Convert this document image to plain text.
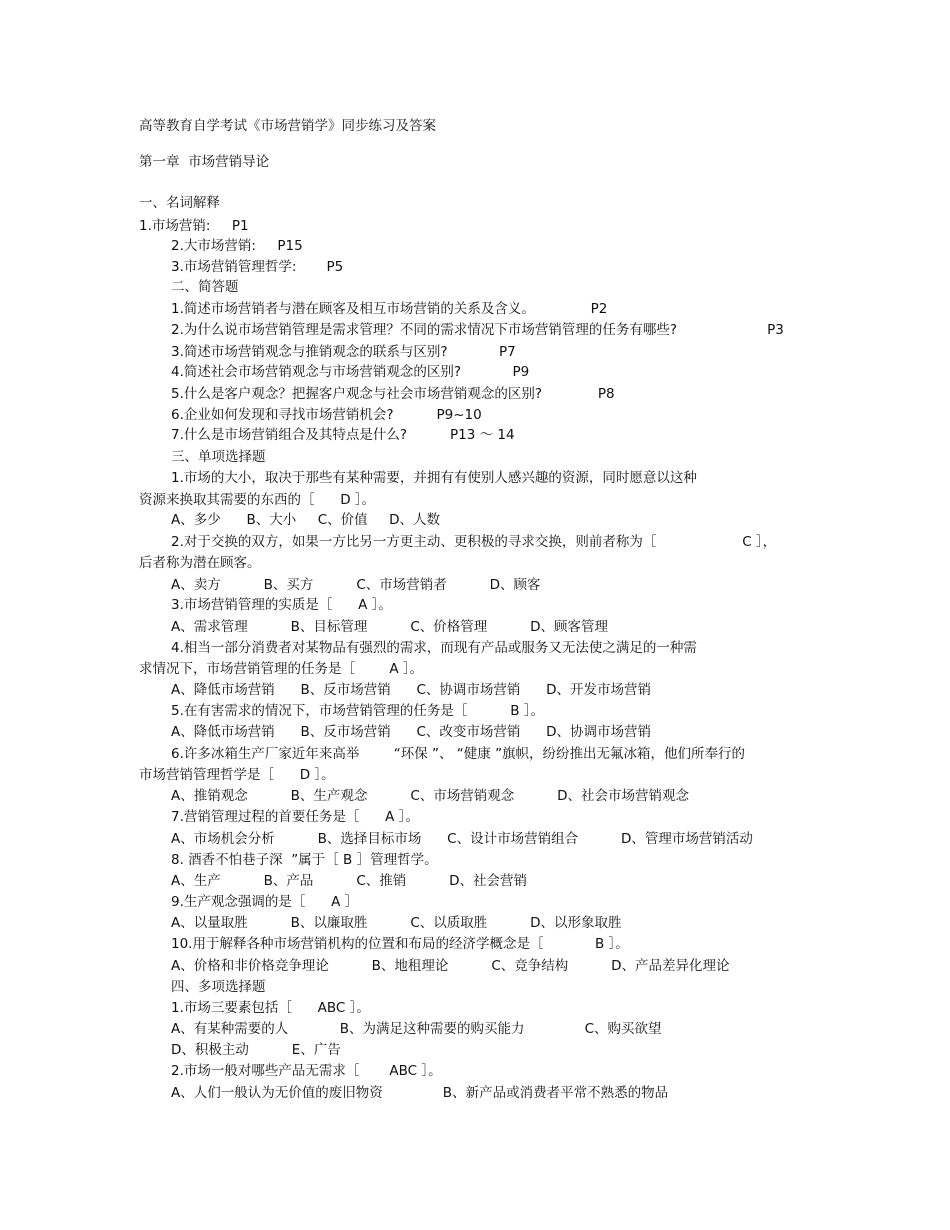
高等教育自学考试《市场营销学》同步练习及答案

第一章  市场营销导论

一、名词解释

1.市场营销:     P1

2.大市场营销:     P15

3.市场营销管理哲学:       P5

二、简答题

1.简述市场营销者与潜在顾客及相互市场营销的关系及含义。             P2

2.为什么说市场营销管理是需求管理？不同的需求情况下市场营销管理的任务有哪些?                     P3

3.简述市场营销观念与推销观念的联系与区别?            P7

4.简述社会市场营销观念与市场营销观念的区别?            P9

5.什么是客户观念？把握客户观念与社会市场营销观念的区别?             P8

6.企业如何发现和寻找市场营销机会?          P9~10

7.什么是市场营销组合及其特点是什么?          P13 ～ 14

三、单项选择题

1.市场的大小，取决于那些有某种需要，并拥有有使别人感兴趣的资源，同时愿意以这种

资源来换取其需要的东西的［      D ］。

A、多少      B、大小     C、价值     D、人数

2.对于交换的双方，如果一方比另一方更主动、更积极的寻求交换，则前者称为［                    C ］，

后者称为潜在顾客。

A、卖方          B、买方          C、市场营销者          D、顾客

3.市场营销管理的实质是［      A ］。

A、需求管理          B、目标管理          C、价格管理          D、顾客管理

4.相当一部分消费者对某物品有强烈的需求，而现有产品或服务又无法使之满足的一种需

求情况下，市场营销管理的任务是［        A ］。

A、降低市场营销      B、反市场营销      C、协调市场营销      D、开发市场营销

5.在有害需求的情况下，市场营销管理的任务是［          B ］。

A、降低市场营销      B、反市场营销      C、改变市场营销      D、协调市场营销

6.许多冰箱生产厂家近年来高举        “环保 ”、 “健康 ”旗帜，纷纷推出无氟冰箱，他们所奉行的

市场营销管理哲学是［      D ］。

A、推销观念          B、生产观念          C、市场营销观念          D、社会市场营销观念

7.营销管理过程的首要任务是［      A ］。

A、市场机会分析          B、选择目标市场      C、设计市场营销组合          D、管理市场营销活动

8. 酒香不怕巷子深  ”属于［ B ］管理哲学。

A、生产          B、产品          C、推销          D、社会营销

9.生产观念强调的是［      A ］

A、以量取胜          B、以廉取胜          C、以质取胜          D、以形象取胜

10.用于解释各种市场营销机构的位置和布局的经济学概念是［            B ］。

A、价格和非价格竞争理论          B、地租理论          C、竞争结构          D、产品差异化理论

四、多项选择题

1.市场三要素包括［      ABC ］。

A、有某种需要的人            B、为满足这种需要的购买能力              C、购买欲望

D、积极主动          E、广告

2.市场一般对哪些产品无需求［       ABC ］。

A、人们一般认为无价值的废旧物资              B、新产品或消费者平常不熟悉的物品
